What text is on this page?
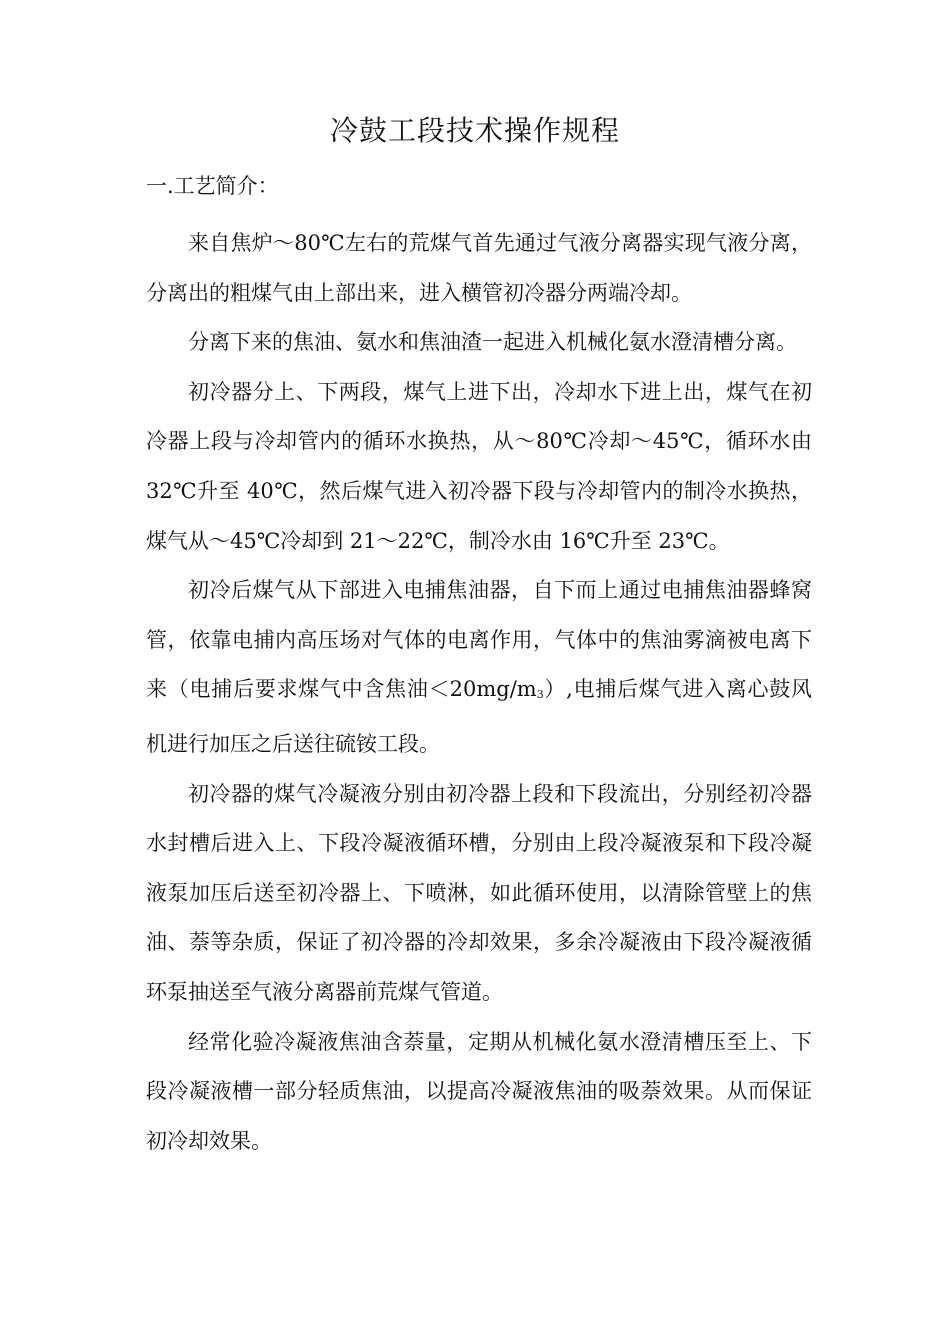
冷鼓工段技术操作规程
一.工艺简介：

来自焦炉～80℃左右的荒煤气首先通过气液分离器实现气液分离，分离出的粗煤气由上部出来，进入横管初冷器分两端冷却。

分离下来的焦油、氨水和焦油渣一起进入机械化氨水澄清槽分离。

初冷器分上、下两段，煤气上进下出，冷却水下进上出，煤气在初冷器上段与冷却管内的循环水换热，从～80℃冷却～45℃，循环水由 32℃升至 40℃，然后煤气进入初冷器下段与冷却管内的制冷水换热，煤气从～45℃冷却到 21～22℃，制冷水由 16℃升至 23℃。

初冷后煤气从下部进入电捕焦油器，自下而上通过电捕焦油器蜂窝管，依靠电捕内高压场对气体的电离作用，气体中的焦油雾滴被电离下来（电捕后要求煤气中含焦油＜20mg/m3）,电捕后煤气进入离心鼓风机进行加压之后送往硫铵工段。

初冷器的煤气冷凝液分别由初冷器上段和下段流出，分别经初冷器水封槽后进入上、下段冷凝液循环槽，分别由上段冷凝液泵和下段冷凝液泵加压后送至初冷器上、下喷淋，如此循环使用，以清除管壁上的焦油、萘等杂质，保证了初冷器的冷却效果，多余冷凝液由下段冷凝液循环泵抽送至气液分离器前荒煤气管道。

经常化验冷凝液焦油含萘量，定期从机械化氨水澄清槽压至上、下段冷凝液槽一部分轻质焦油，以提高冷凝液焦油的吸萘效果。从而保证初冷却效果。
